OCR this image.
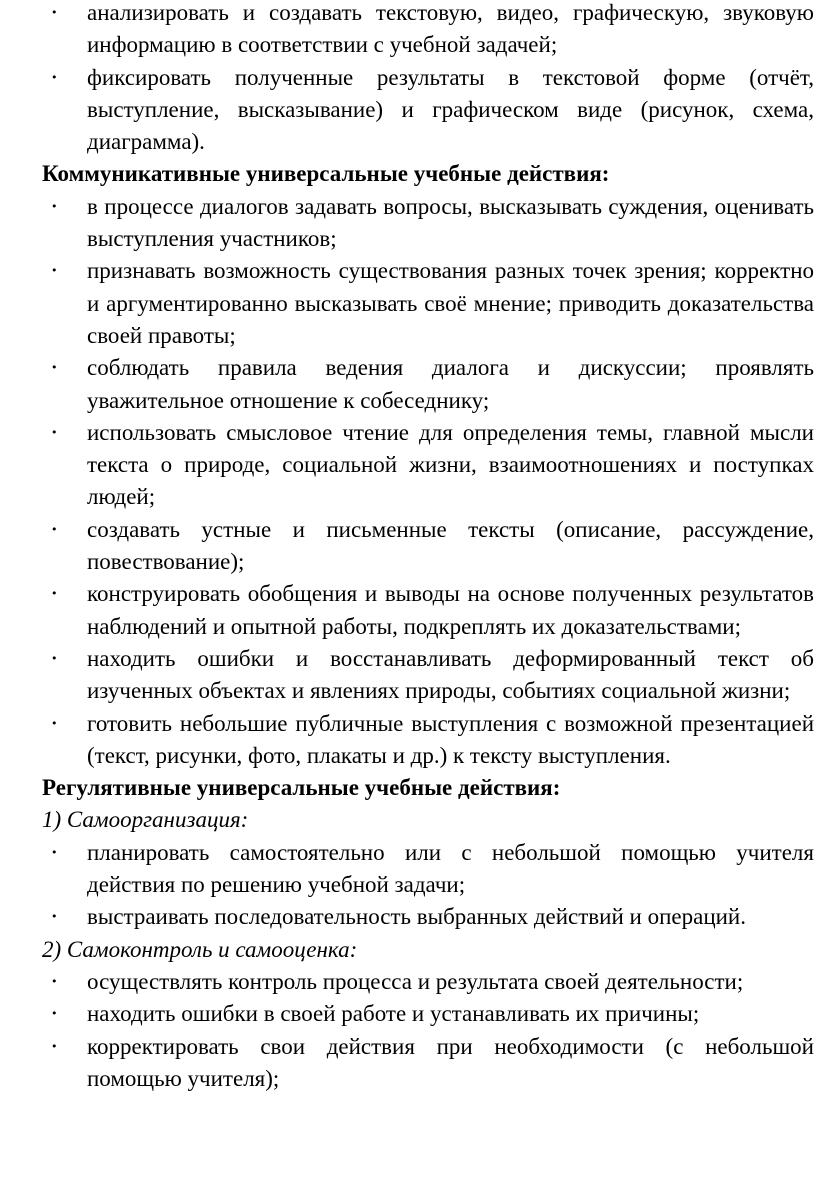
• анализировать и создавать текстовую, видео, графическую, звуковую информацию в соответствии с учебной задачей;
• фиксировать полученные результаты в текстовой форме (отчёт, выступление, высказывание) и графическом виде (рисунок, схема, диаграмма).
Коммуникативные универсальные учебные действия:
• в процессе диалогов задавать вопросы, высказывать суждения, оценивать выступления участников;
• признавать возможность существования разных точек зрения; корректно и аргументированно высказывать своё мнение; приводить доказательства своей правоты;
• соблюдать правила ведения диалога и дискуссии; проявлять уважительное отношение к собеседнику;
• использовать смысловое чтение для определения темы, главной мысли текста о природе, социальной жизни, взаимоотношениях и поступках людей;
• создавать устные и письменные тексты (описание, рассуждение, повествование);
• конструировать обобщения и выводы на основе полученных результатов наблюдений и опытной работы, подкреплять их доказательствами;
• находить ошибки и восстанавливать деформированный текст об изученных объектах и явлениях природы, событиях социальной жизни;
• готовить небольшие публичные выступления с возможной презентацией (текст, рисунки, фото, плакаты и др.) к тексту выступления.
Регулятивные универсальные учебные действия:
1) Самоорганизация:
• планировать самостоятельно или с небольшой помощью учителя действия по решению учебной задачи;
• выстраивать последовательность выбранных действий и операций.
2) Самоконтроль и самооценка:
• осуществлять контроль процесса и результата своей деятельности;
• находить ошибки в своей работе и устанавливать их причины;
• корректировать свои действия при необходимости (с небольшой помощью учителя);
